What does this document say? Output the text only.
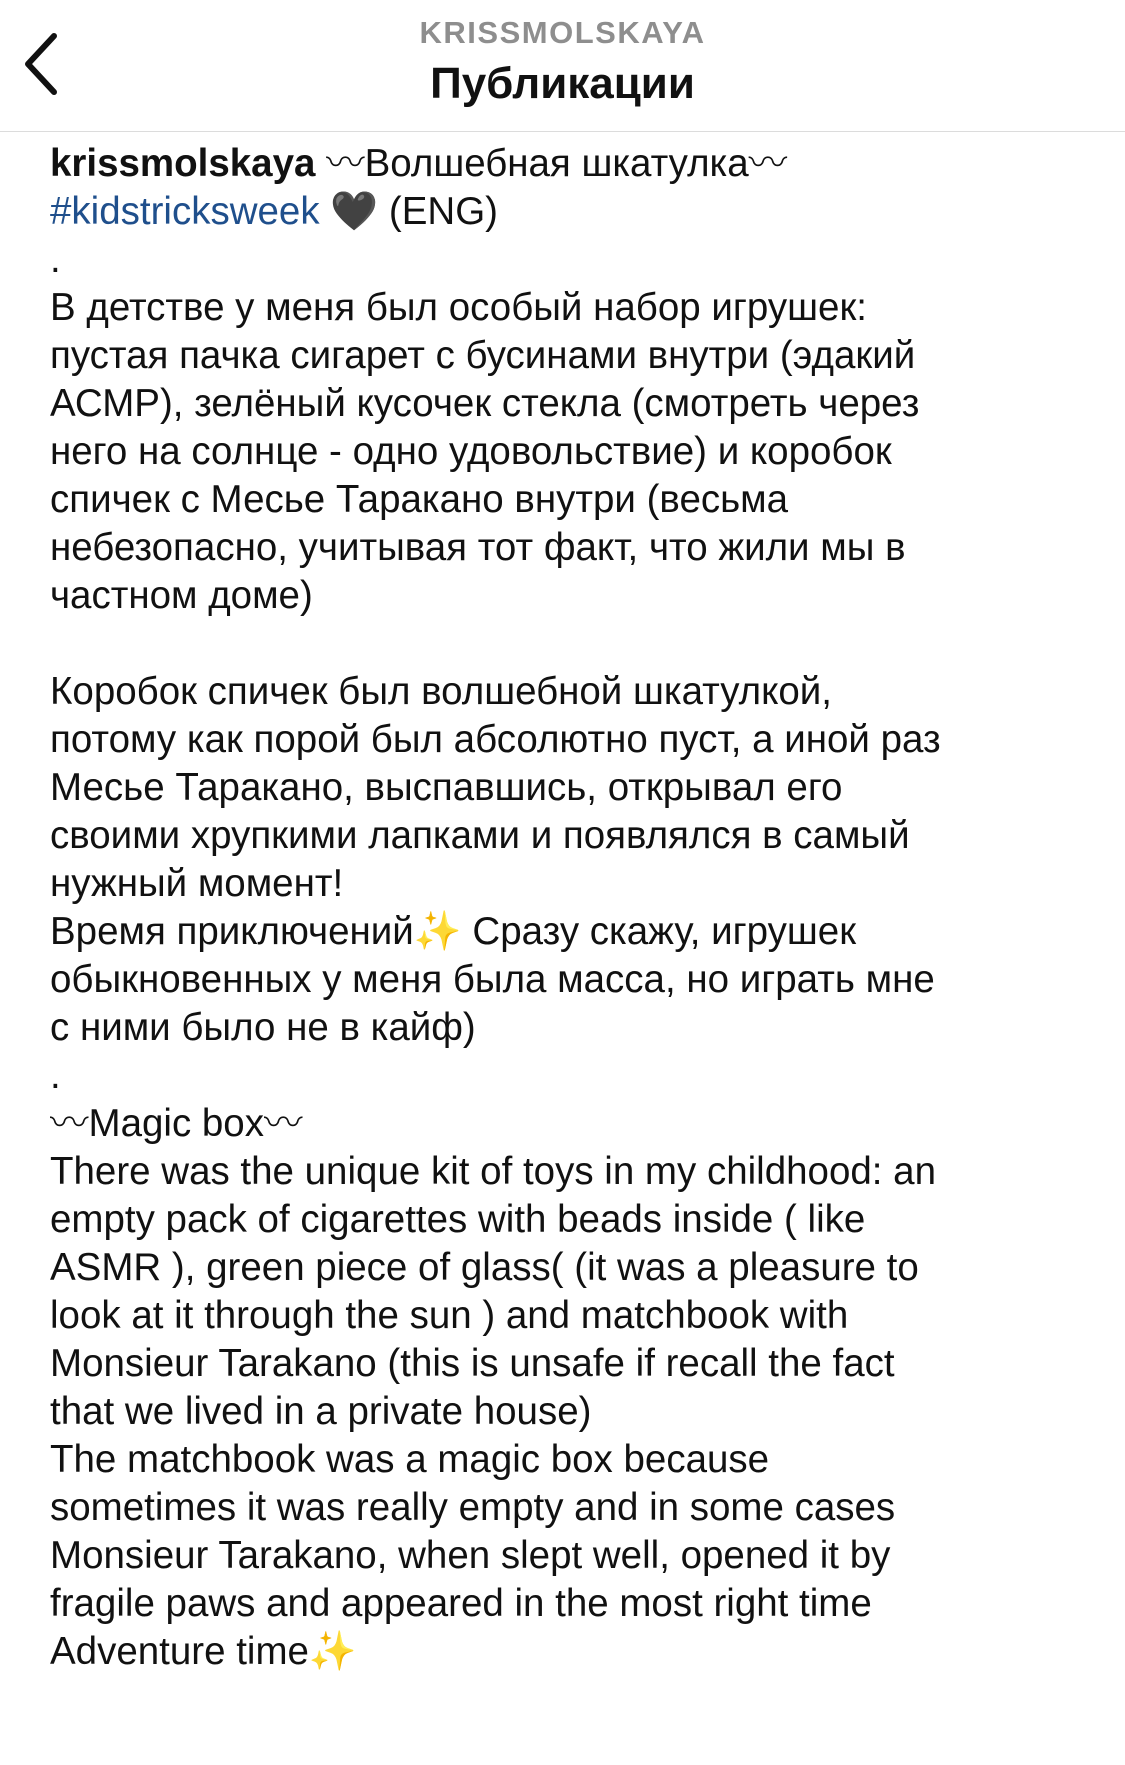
KRISSMOLSKAYA
Публикации
krissmolskaya 〰Волшебная шкатулка〰
#kidstricksweek 🖤 (ENG)
.
В детстве у меня был особый набор игрушек:
пустая пачка сигарет с бусинами внутри (эдакий
АСМР), зелёный кусочек стекла (смотреть через
него на солнце - одно удовольствие) и коробок
спичек с Месье Таракано внутри (весьма
небезопасно, учитывая тот факт, что жили мы в
частном доме)
Коробок спичек был волшебной шкатулкой,
потому как порой был абсолютно пуст, а иной раз
Месье Таракано, выспавшись, открывал его
своими хрупкими лапками и появлялся в самый
нужный момент!
Время приключений✨ Сразу скажу, игрушек
обыкновенных у меня была масса, но играть мне
с ними было не в кайф)
.
〰Magic box〰
There was the unique kit of toys in my childhood: an
empty pack of cigarettes with beads inside ( like
ASMR ), green piece of glass( (it was a pleasure to
look at it through the sun ) and matchbook with
Monsieur Tarakano (this is unsafe if recall the fact
that we lived in a private house)
The matchbook was a magic box because
sometimes it was really empty and in some cases
Monsieur Tarakano, when slept well, opened it by
fragile paws and appeared in the most right time
Adventure time✨
